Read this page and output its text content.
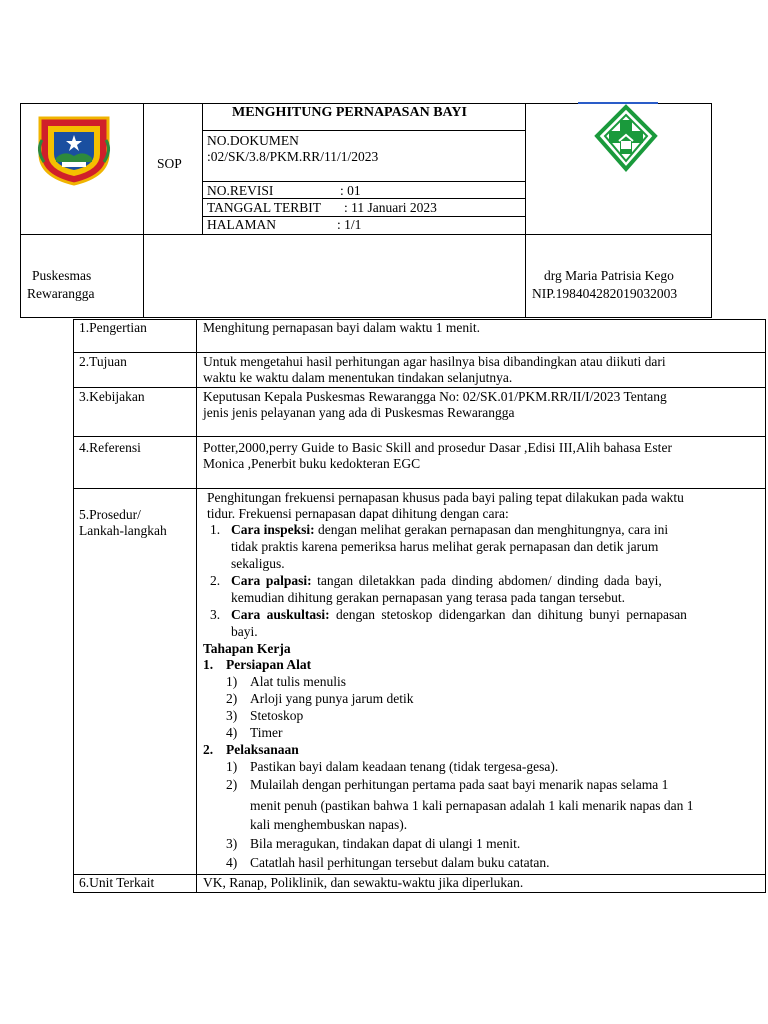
SOP
MENGHITUNG PERNAPASAN BAYI
NO.DOKUMEN
:02/SK/3.8/PKM.RR/11/1/2023
NO.REVISI	: 01
TANGGAL TERBIT : 11 Januari 2023
HALAMAN	: 1/1
Puskesmas
Rewarangga
drg Maria Patrisia Kego
NIP.198404282019032003
1.Pengertian	Menghitung pernapasan bayi dalam waktu 1 menit.
2.Tujuan	Untuk mengetahui hasil perhitungan agar hasilnya bisa dibandingkan atau diikuti dari
waktu ke waktu dalam menentukan tindakan selanjutnya.
3.Kebijakan	Keputusan Kepala Puskesmas Rewarangga No: 02/SK.01/PKM.RR/II/I/2023 Tentang
jenis jenis pelayanan yang ada di Puskesmas Rewarangga
4.Referensi	Potter,2000,perry Guide to Basic Skill and prosedur Dasar ,Edisi III,Alih bahasa Ester
Monica ,Penerbit buku kedokteran EGC
5.Prosedur/
Lankah-langkah
Penghitungan frekuensi pernapasan khusus pada bayi paling tepat dilakukan pada waktu
tidur. Frekuensi pernapasan dapat dihitung dengan cara:
1. Cara inspeksi: dengan melihat gerakan pernapasan dan menghitungnya, cara ini
tidak praktis karena pemeriksa harus melihat gerak pernapasan dan detik jarum
sekaligus.
2. Cara palpasi: tangan diletakkan pada dinding abdomen/ dinding dada bayi,
kemudian dihitung gerakan pernapasan yang terasa pada tangan tersebut.
3. Cara auskultasi: dengan stetoskop didengarkan dan dihitung bunyi pernapasan
bayi.
Tahapan Kerja
1. Persiapan Alat
1) Alat tulis menulis
2) Arloji yang punya jarum detik
3) Stetoskop
4) Timer
2. Pelaksanaan
1) Pastikan bayi dalam keadaan tenang (tidak tergesa-gesa).
2) Mulailah dengan perhitungan pertama pada saat bayi menarik napas selama 1
menit penuh (pastikan bahwa 1 kali pernapasan adalah 1 kali menarik napas dan 1
kali menghembuskan napas).
3) Bila meragukan, tindakan dapat di ulangi 1 menit.
4) Catatlah hasil perhitungan tersebut dalam buku catatan.
6.Unit Terkait	VK, Ranap, Poliklinik, dan sewaktu-waktu jika diperlukan.
